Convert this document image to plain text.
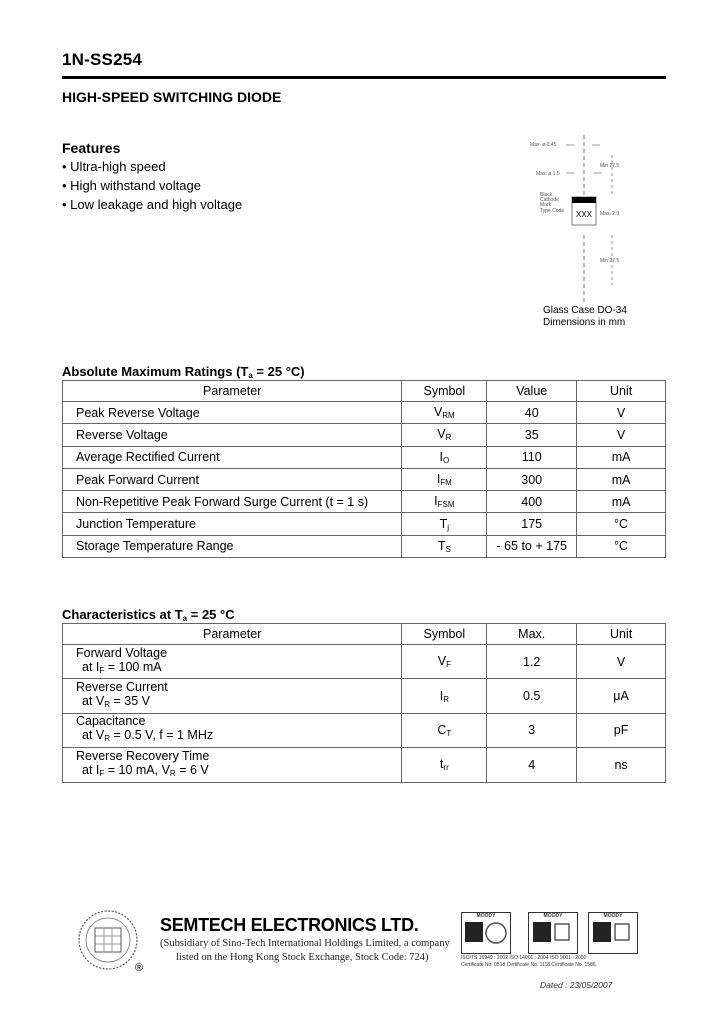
1N-SS254
HIGH-SPEED SWITCHING DIODE
Features
• Ultra-high speed
• High withstand voltage
• Low leakage and high voltage
Max. ø 0.45
Min 27.5
Max. ø 1.5
Black Cathode Mark
Type Code	XXX Max. 2.9
Min 27.5
Glass Case DO-34
Dimensions in mm
Absolute Maximum Ratings ($T_a = 25$ °C)
Parameter	Symbol	Value	Unit
Peak Reverse Voltage	$V_{RM}$	40	V
Reverse Voltage	$V_R$	35	V
Average Rectified Current	$I_O$	110	mA
Peak Forward Current	$I_{FM}$	300	mA
Non-Repetitive Peak Forward Surge Current (t = 1 s)	$I_{FSM}$	400	mA
Junction Temperature	$T_j$	175	°C
Storage Temperature Range	$T_S$	- 65 to + 175	°C
Characteristics at $T_a = 25$ °C
Parameter	Symbol	Max.	Unit

Forward Voltage
at $I_F = 100$ mA	$V_F$	1.2	V

Reverse Current
at $V_R = 35$ V	$I_R$	0.5	μA

Capacitance
at $V_R = 0.5$ V, f = 1 MHz	$C_T$	3	pF

Reverse Recovery Time
at $I_F = 10$ mA, $V_R = 6$ V	$t_{rr}$	4	ns
®
SEMTECH ELECTRONICS LTD.
(Subsidiary of Sino-Tech International Holdings Limited, a company
listed on the Hong Kong Stock Exchange, Stock Code: 724)
MOODY	MOODY	MOODY
ISO/TS 16949 : 2002 ISO 14001 : 2004 ISO 9001 : 2000
Certificate No. 0518 Certificate No. 1118 Certificate No. 1586
Dated : 23/05/2007
